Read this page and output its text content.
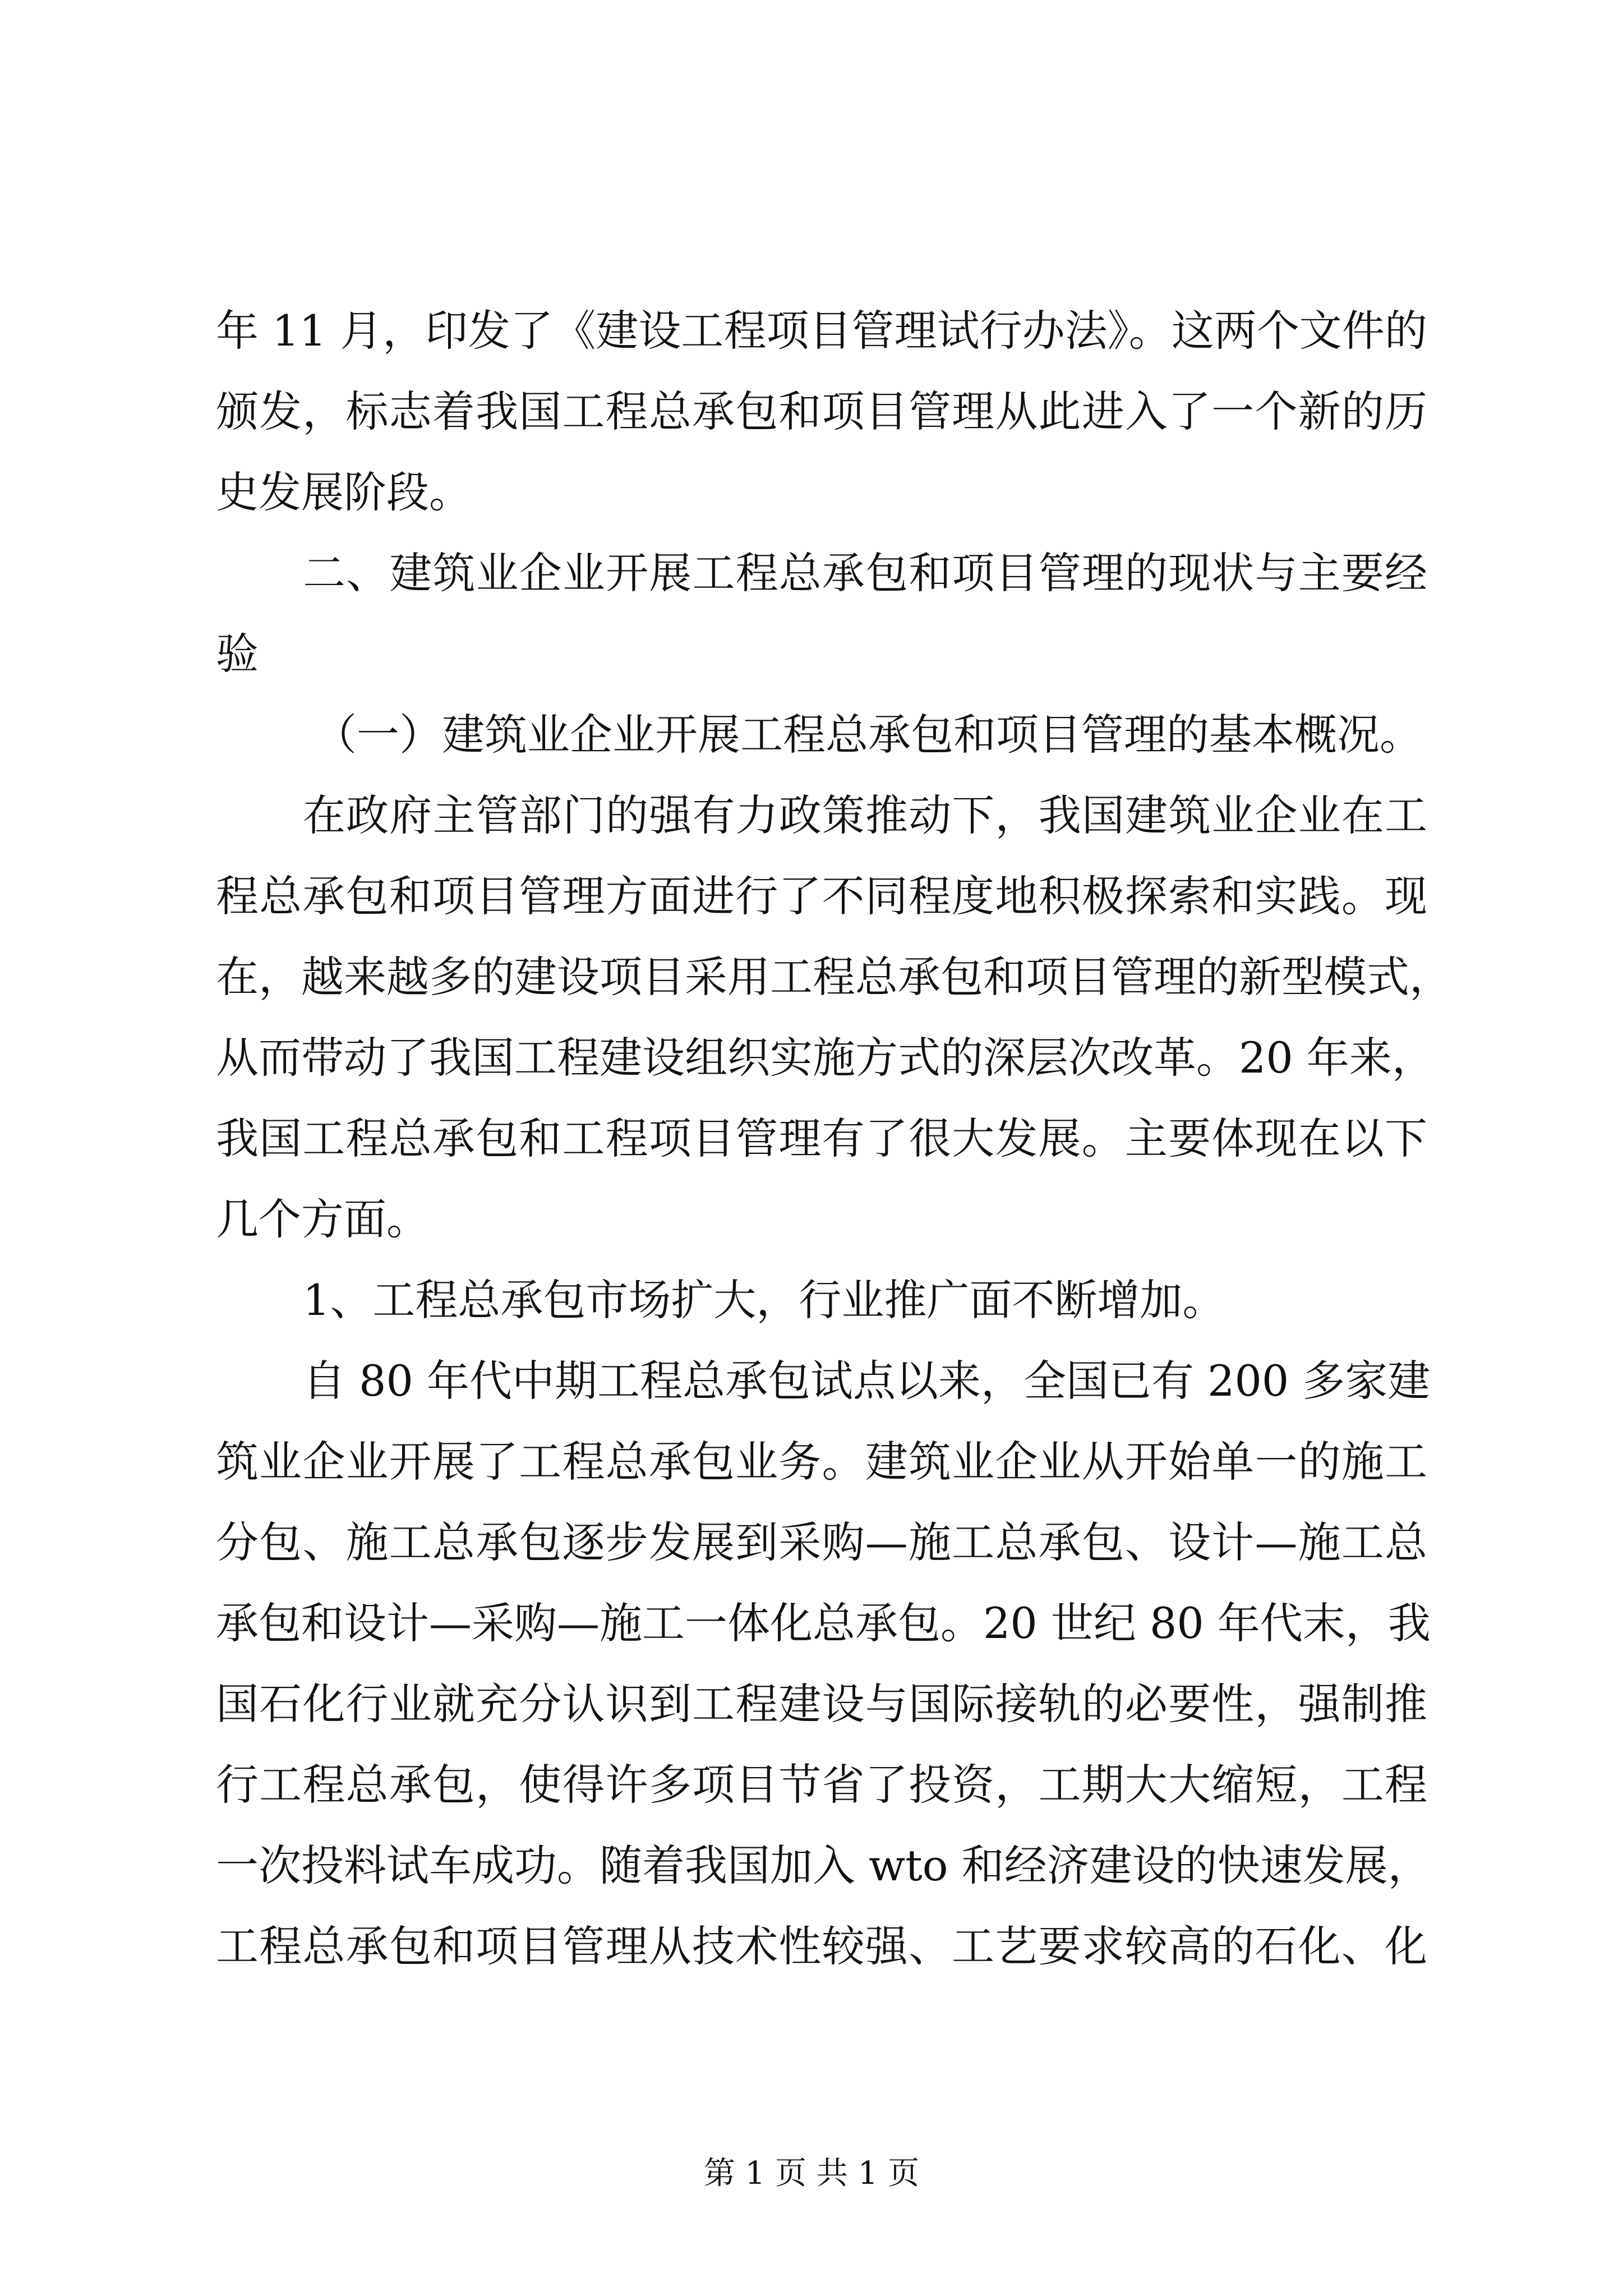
年 11 月，印发了《建设工程项目管理试行办法》。这两个文件的
颁发，标志着我国工程总承包和项目管理从此进入了一个新的历
史发展阶段。
二、建筑业企业开展工程总承包和项目管理的现状与主要经
验
（一）建筑业企业开展工程总承包和项目管理的基本概况。
在政府主管部门的强有力政策推动下，我国建筑业企业在工
程总承包和项目管理方面进行了不同程度地积极探索和实践。现
在，越来越多的建设项目采用工程总承包和项目管理的新型模式，
从而带动了我国工程建设组织实施方式的深层次改革。20 年来，
我国工程总承包和工程项目管理有了很大发展。主要体现在以下
几个方面。
1、工程总承包市场扩大，行业推广面不断增加。
自 80 年代中期工程总承包试点以来，全国已有 200 多家建
筑业企业开展了工程总承包业务。建筑业企业从开始单一的施工
分包、施工总承包逐步发展到采购—施工总承包、设计—施工总
承包和设计—采购—施工一体化总承包。20 世纪 80 年代末，我
国石化行业就充分认识到工程建设与国际接轨的必要性，强制推
行工程总承包，使得许多项目节省了投资，工期大大缩短，工程
一次投料试车成功。随着我国加入 wto 和经济建设的快速发展，
工程总承包和项目管理从技术性较强、工艺要求较高的石化、化
第 1 页 共 1 页
